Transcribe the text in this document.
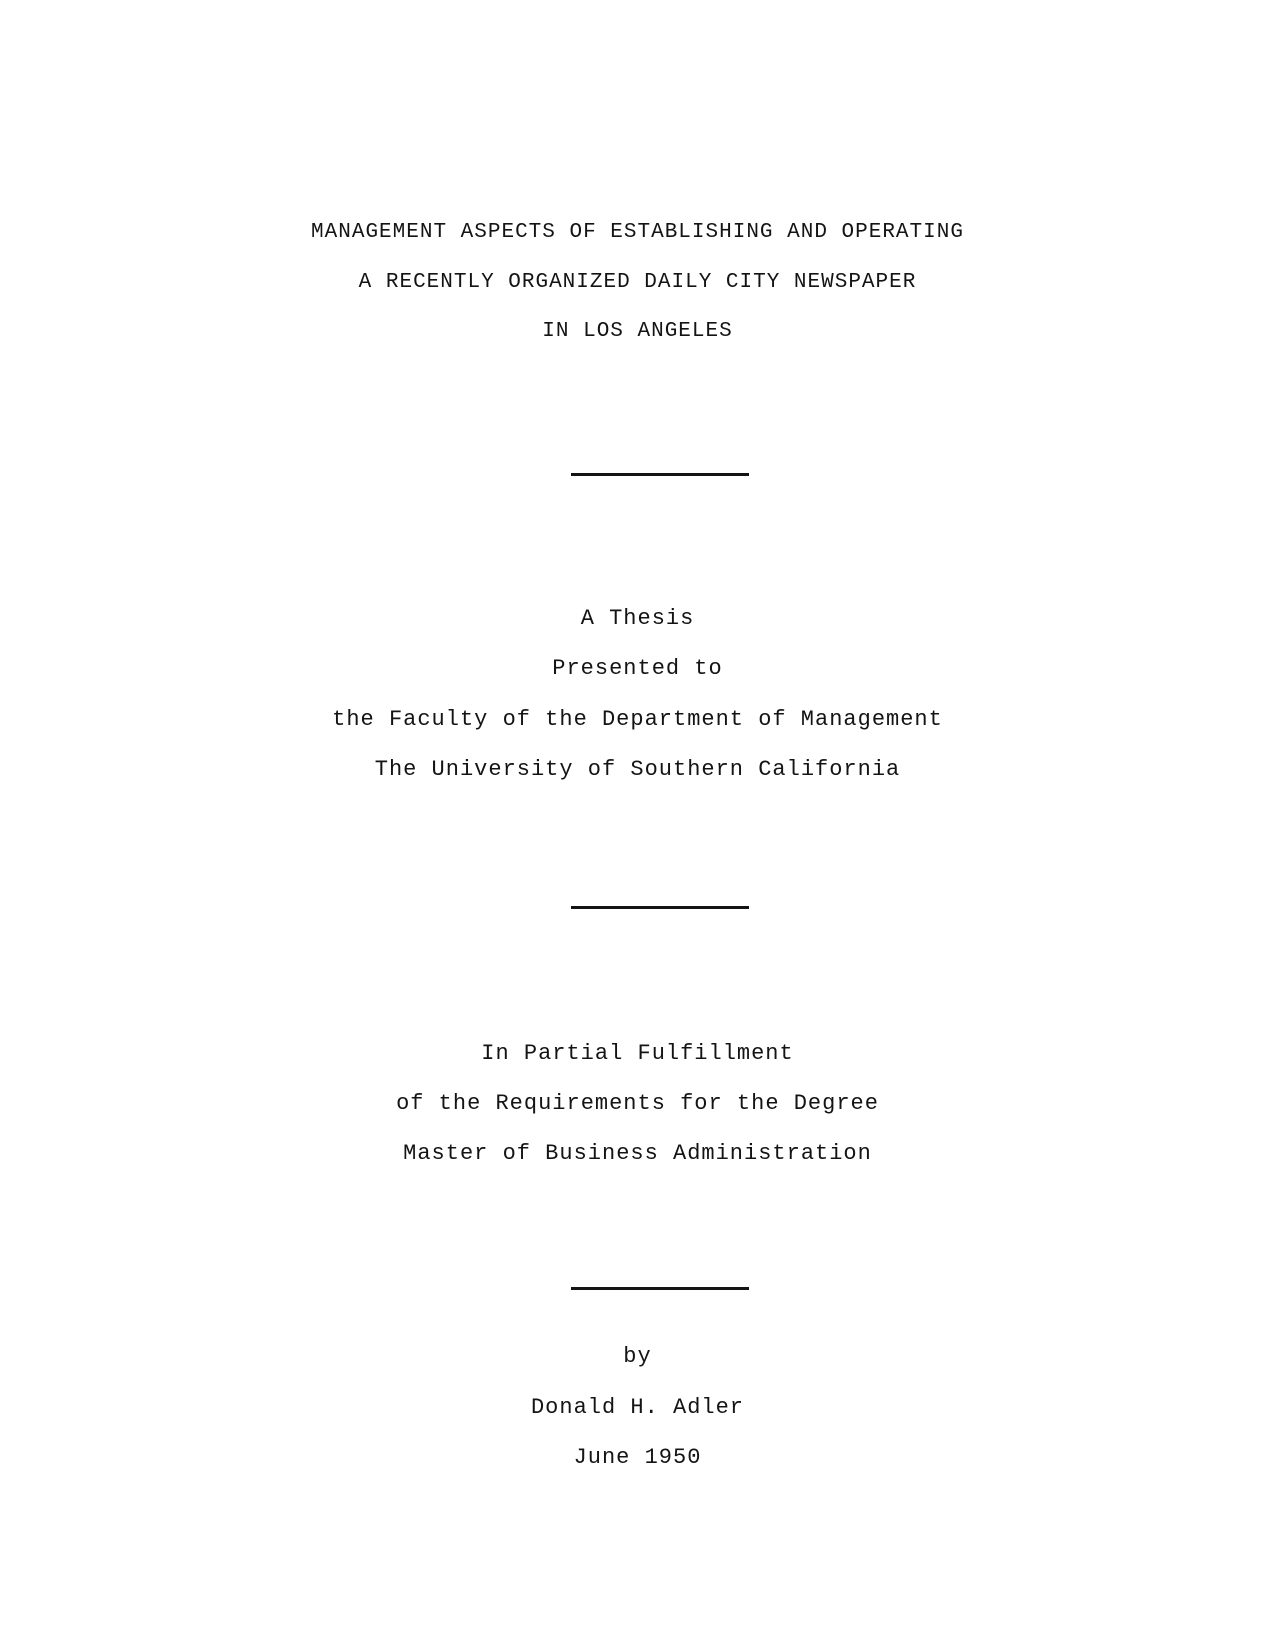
MANAGEMENT ASPECTS OF ESTABLISHING AND OPERATING
A RECENTLY ORGANIZED DAILY CITY NEWSPAPER
IN LOS ANGELES
A Thesis
Presented to
the Faculty of the Department of Management
The University of Southern California
In Partial Fulfillment
of the Requirements for the Degree
Master of Business Administration
by
Donald H. Adler
June 1950
